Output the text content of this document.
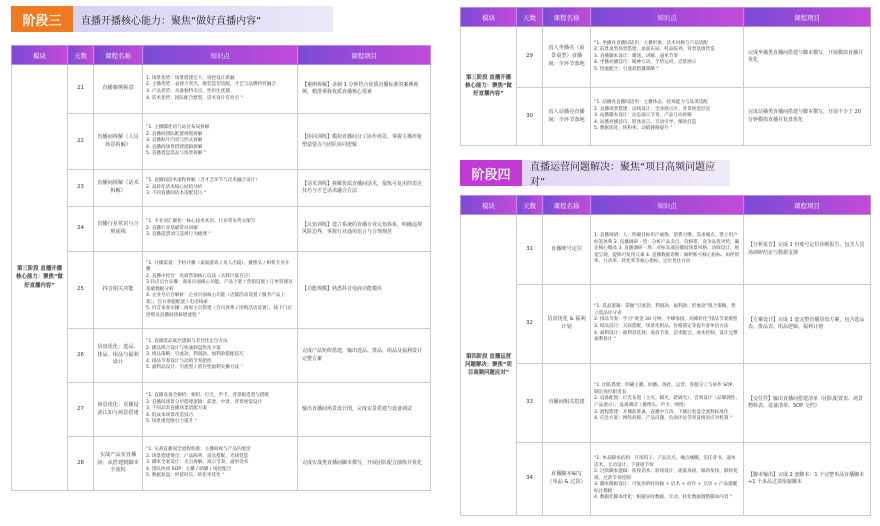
阶段三	直播开播核心能力：聚焦“做好直播内容”
模块	天数	课程名称	知识点	课程项目
第三阶段 直播开播核心能力：聚焦“做好直播内容”	21	直播案例拆意	1. 场景优势：场景搭建宏大，场控设计新颖
2. 主播优势：表现力突出，服装造型适配，才艺与品牌特性融合
3. 产品优势：具备独特卖点、性价比优越
4. 话术优势：团队配合默契，话术设计有亮点 “	【案例拆解】录制 1 分钟符合优质直播标准的案例视频，精准掌握优质直播核心要素
	22	直播间拆解（人员场景拆解）	“1. 主播脚化语与站位布局拆解
2. 直播间团队配置规模拆解
3. 直播贴片内容与形式拆解
4. 直播间场景搭建逻辑拆解
5. 直播货盘选品与场景拆解 “	【协同训练】模拟直播间分工协作场景，掌握主播形象塑造要点与团队协同逻辑
	23	直播间拆解（话术拆解）	“1. 直播间话术流程拆解（含才艺环节与话术融合设计）
2. 高转化话术核心结构分析
3. 不同直播间话术适配技巧 “	【话术训练】拆解优质直播间话术，提炼可复用的表达技巧与才艺话术融合方法
	24	直播行业常识与合规底线	“1. 专业词汇解析：核心技术术语、行业常见英文缩写
2. 直播行业基础常识讲解
3. 直播违禁词与违规行为梳理 “	【认知训练】建立系统的直播专业认知体系，明确违规风险边界，掌握行业通用语言与合规规范
	25	抖音相关功能	“1. 开播渠道：手机开播（桌面游戏 / 真人出镜）、摄像头 / 相机专业开播
2. 直播中控台：电商营销核心玩法（关联巨量百应）
3 抖店后台实操：商家页面核心功能、产品上架 / 营销设置 / 订单管理及基础数据分析
4. 企业号后台解析：企业页面核心功能（店铺活动设置 / 服务产品上架）、官方客服配置 / 电话线索
5. 抖音来客实操：商家主页搭建（会员体系 / 团购活动设置）、线下门店团购及直播间团核增流程 “	【功能规模】熟悉抖音电商功能模块
	26	货盘优化：选品、排品、组品与福利设计	“1. 直播选品底层逻辑与差异化定位方法
2. 播品组合设计与快速卸盘优化方案
3. 组品策略：引流款、利润款、福利款搭配技巧
4. 排品节奏设计与动销节奏把控
5. 福利品设计：引流型 / 留存型福利实操方法 “	完成产品矩阵搭建，输出选品、排品、组品及福利设计完整方案
	27	场景优化：直播设备认知与场景搭建	“1. 直播设备全解析：相机、灯光、声卡、背景板选型与搭配
2. 直播间场景分层搭建逻辑：前景、中景、背景视觉设计
3. 不同品类直播场景适配方案
4. 低成本场景改造技巧
5. 场景视觉吸引力提升 “	输出直播间场景设计图，完成实景搭建与设备调试
	28	实战产品实直播间：从搭建到脚本全流程	“1. 实战直播间全流程校准：主播间视与产品匹配度
2. 场景搭建要点：产品陈列、道具搭配、光线营造
3. 脚本全案设计：卖点拆解、演示节奏、逼单话术
4. 团队协同 SOP：主播 / 助播 / 场控配合
5. 数据复盘：停留时长、转化率优化 “	完成实战类直播间脚本撰写，开展团队配合演练并优化
模块	天数	课程名称	知识点	课程项目
第三阶段 直播开播核心能力：聚焦“做好直播内容”	29	真人坐播亮（前景桌型）直播间：全环节落地	“1. 坐播亮直播间适用：主播形象、话术风格与产品适配
2. 前景桌型场景搭建：桌面布局、样品陈列、背景氛围营造
3. 直播脚本设计：暖场、讲解、逼单节奏
4. 坐播亮播技巧：眼神互动、手势运用、近景展示
5. 投流配合：引流款搭播策略 “	完成坐播类直播间搭建与脚本撰写，开展模拟直播并优化
	30	真人站播亮直播间：全环节落地	“1. 站播亮直播间适用：主播体态、控场能力与品类适配
2. 直播场景搭建：动线设计、全身展示区、背景视觉层次
3. 站播脚本设计：动态演示节奏、产品互动讲解
4. 站播亮播技巧：肢体语言、互动引导、爆款打造
5. 数据优化：转粉率、动销链路提升 “	完成站播类直播间搭建与脚本撰写，开展不少于 20 分钟模拟直播并复盘优化
阶段四	直播运营问题解决：聚焦“项目高频问题应对”
模块	天数	课程名称	知识点	课程项目
第四阶段 直播运营问题解决：聚焦“项目高频问题应对”	31	直播账号定位	1. 直播调研：人：明确目标用户画像、消费习惯、需求痛点，建立用户标签体系 2. 直播调研 - 货：分析产品卖点、价格带、竞争品优劣势，确定核心爆品 3. 直播调研 - 场：对标头部直播间场景风格、动线设计、视觉呈现，提炼可复用元素 4. 直播数据诊断：解析账号核心指标，如停留率、互动率、转化率等核心指标，定位优化方向	【分析报告】完成 1 份账号定位诊断报告，包含人货场调研结论与数据支撑
	32	货盘优化 & 福利计划	“1. 选品逻辑：掌握“引流款、利润款、福利款、形象款”组合策略，建立选品评分表
2. 排品节奏：学习“黄金 30 分钟、平峰承接、高峰转化”排品节奏模型
3. 组品技巧：关联搭配、场景化组品、价格锚定等提升客单价方法
4. 福利设计：福利款选择、发放节奏、话术配合、成本控制，设计完整福利拆计 “	【方案设计】完成 1 套完整直播货盘方案，包含选品表、排品表、组品逻辑、福利计划
	33	直播间相关搭建	“1. 团队搭建：明确主播、助播、场控、运营、客服分工与协作 SOP，制定岗位职责表
2. 设备配置：灯光布置（主光、辅光、轮廓光）、音效设计（品牌调性、产品展示）、设备调试（摄像头、声卡、网络）
3. 流程搭建：开播前准备、直播中互动、下播后复盘全流程标准化
4. 应急方案：网络故障、产品问题、负面评论等突发情况应对机制 “	【交付件】输出直播间搭建清单（团队配置表、场景物料表、设备清单、SOP 文档）
	34	直播脚本编写（单品 & 过款）	“1. 单品脚本结构：开场钩子、产品卖点、痛点痛醒、信任背书、逼单话术、互动设计、下链接节奏
2. 过款脚本逻辑：衔接话术、转场设计、流量承接、爆款衔接、限时促销、过款节奏控制
3. 脚本模板设计：可复用的时间轴 + 话术 + 动作 + 互动 + 产品提醒标注模板
4. 数据化脚本优化：根据实时数据、互动、转化数据调整脚本内容 “	【脚本输出】完成 2 套脚本：1 个完整单品直播脚本 +1 个多品过款衔接脚本
